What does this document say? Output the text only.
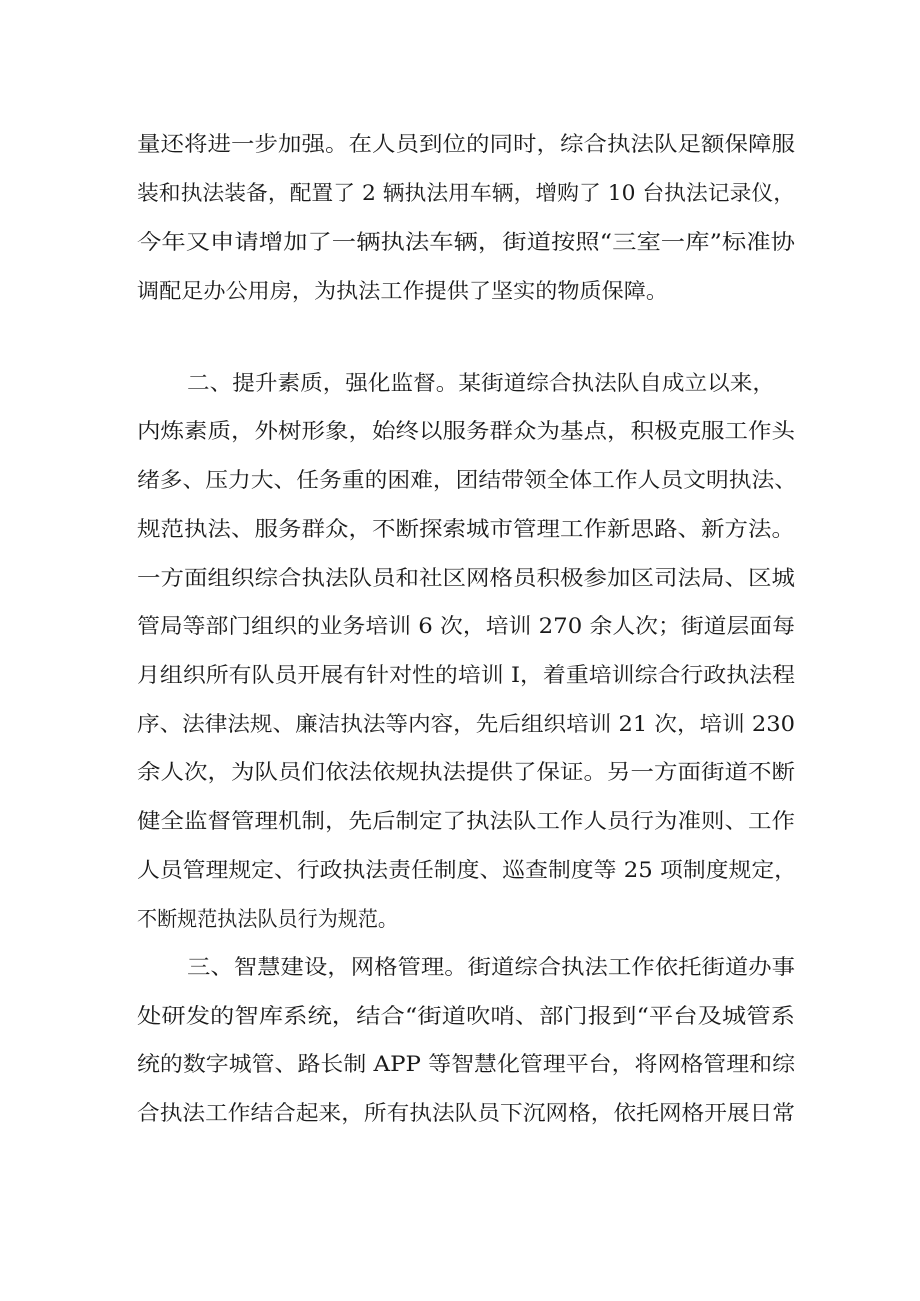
量还将进一步加强。在人员到位的同时，综合执法队足额保障服
装和执法装备，配置了 2 辆执法用车辆，增购了 10 台执法记录仪，
今年又申请增加了一辆执法车辆，街道按照“三室一库”标准协
调配足办公用房，为执法工作提供了坚实的物质保障。
二、提升素质，强化监督。某街道综合执法队自成立以来，
内炼素质，外树形象，始终以服务群众为基点，积极克服工作头
绪多、压力大、任务重的困难，团结带领全体工作人员文明执法、
规范执法、服务群众，不断探索城市管理工作新思路、新方法。
一方面组织综合执法队员和社区网格员积极参加区司法局、区城
管局等部门组织的业务培训 6 次，培训 270 余人次；街道层面每
月组织所有队员开展有针对性的培训 I，着重培训综合行政执法程
序、法律法规、廉洁执法等内容，先后组织培训 21 次，培训 230
余人次，为队员们依法依规执法提供了保证。另一方面街道不断
健全监督管理机制，先后制定了执法队工作人员行为准则、工作
人员管理规定、行政执法责任制度、巡查制度等 25 项制度规定，
不断规范执法队员行为规范。
三、智慧建设，网格管理。街道综合执法工作依托街道办事
处研发的智库系统，结合“街道吹哨、部门报到“平台及城管系
统的数字城管、路长制 APP 等智慧化管理平台，将网格管理和综
合执法工作结合起来，所有执法队员下沉网格，依托网格开展日常
